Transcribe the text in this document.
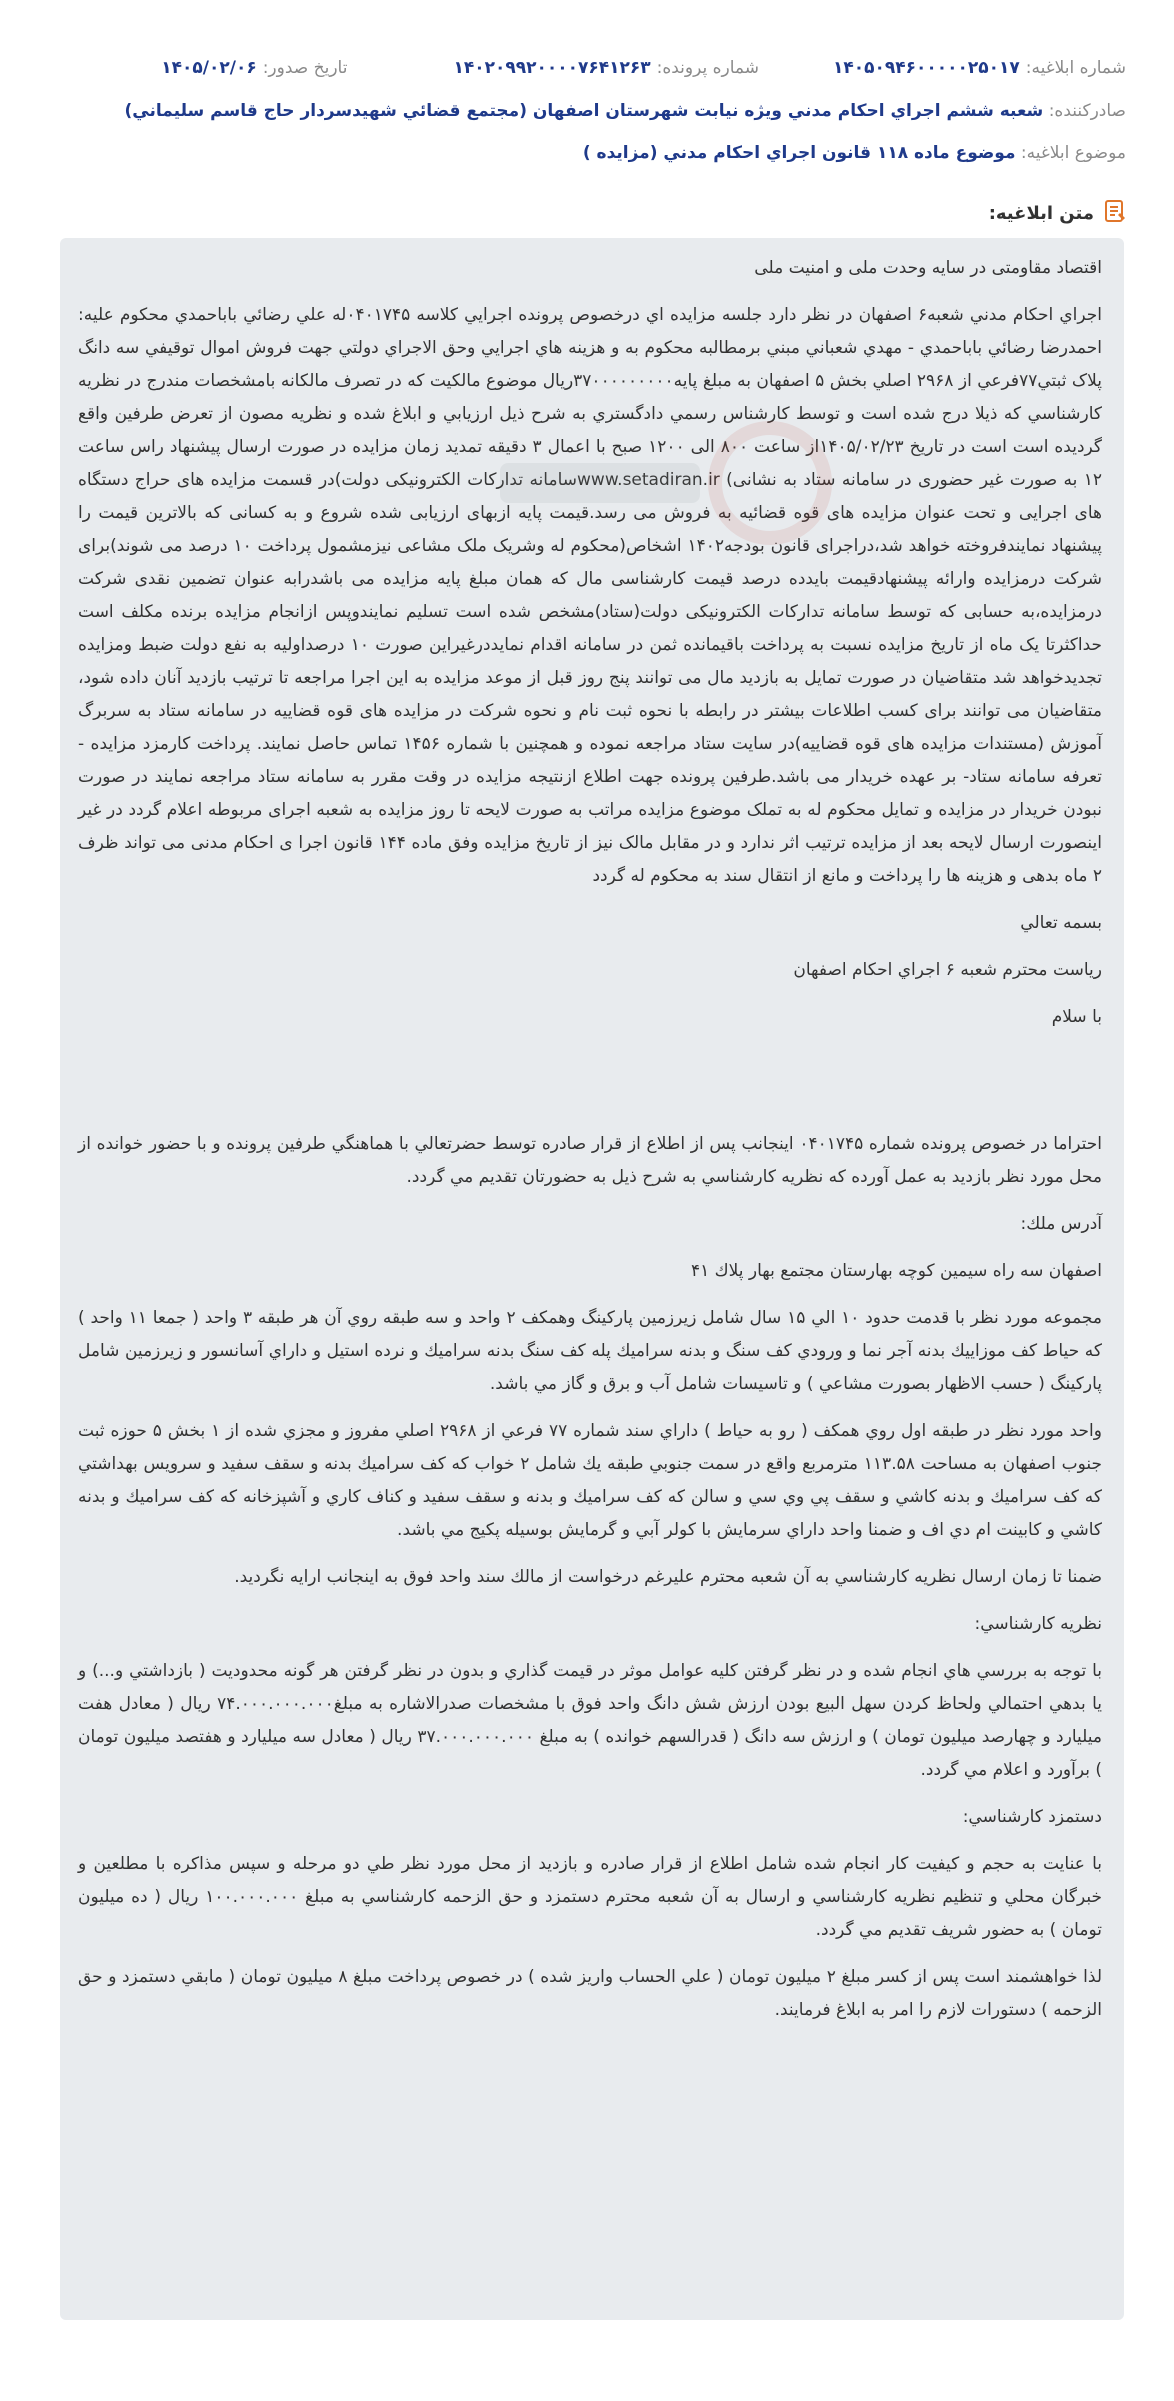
شماره ابلاغیه:
۱۴۰۵۰۹۴۶۰۰۰۰۰۲۵۰۱۷
شماره پرونده:
۱۴۰۲۰۹۹۲۰۰۰۰۷۶۴۱۲۶۳
تاریخ صدور:
۱۴۰۵/۰۲/۰۶
صادرکننده: شعبه ششم اجراي احكام مدني ويژه نيابت شهرستان اصفهان (مجتمع قضائي شهيدسردار حاج قاسم سليماني)
موضوع ابلاغیه: موضوع ماده ۱۱۸ قانون اجراي احكام مدني (مزايده )
متن ابلاغیه:

اقتصاد مقاومتی در سایه وحدت ملی و امنیت ملی

اجراي احكام مدني شعبه۶ اصفهان در نظر دارد جلسه مزايده اي درخصوص پرونده اجرايي كلاسه ۰۴۰۱۷۴۵له علي رضائي باباحمدي محكوم عليه: احمدرضا رضائي باباحمدي - مهدي شعباني مبني برمطالبه محكوم به و هزينه هاي اجرايي وحق الاجراي دولتي جهت فروش اموال توقيفي سه دانگ پلاک ثبتي۷۷فرعي از ۲۹۶۸ اصلي بخش ۵ اصفهان به مبلغ پايه۳۷۰۰۰۰۰۰۰۰۰ريال موضوع مالکيت که در تصرف مالكانه بامشخصات مندرج در نظريه كارشناسي كه ذيلا درج شده است و توسط كارشناس رسمي دادگستري به شرح ذيل ارزيابي و ابلاغ شده و نظريه مصون از تعرض طرفين واقع گرديده است است در تاريخ ۱۴۰۵/۰۲/۲۳از ساعت ۸۰۰ الی ۱۲۰۰ صبح با اعمال ۳ دقیقه تمدید زمان مزایده در صورت ارسال پیشنهاد راس ساعت ۱۲ به صورت غیر حضوری در سامانه ستاد به نشانی) www.setadiran.irسامانه تدارکات الکترونیکی دولت)در قسمت مزایده های حراج دستگاه های اجرایی و تحت عنوان مزایده های قوه قضائیه به فروش می رسد.قیمت پایه ازبهای ارزیابی شده شروع و به کسانی که بالاترین قیمت را پیشنهاد نمایندفروخته خواهد شد،دراجرای قانون بودجه۱۴۰۲ اشخاص(محکوم له وشریک ملک مشاعی نیزمشمول پرداخت ۱۰ درصد می شوند)برای شرکت درمزایده وارائه پیشنهادقیمت بایدده درصد قیمت کارشناسی مال که همان مبلغ پایه مزایده می باشدرابه عنوان تضمین نقدی شرکت درمزایده،به حسابی که توسط سامانه تدارکات الکترونیکی دولت(ستاد)مشخص شده است تسلیم نمایندوپس ازانجام مزایده برنده مکلف است حداکثرتا یک ماه از تاریخ مزایده نسبت به پرداخت باقیمانده ثمن در سامانه اقدام نمایددرغیراین صورت ۱۰ درصداولیه به نفع دولت ضبط ومزایده تجدیدخواهد شد متقاضیان در صورت تمایل به بازدید مال می توانند پنج روز قبل از موعد مزایده به این اجرا مراجعه تا ترتیب بازدید آنان داده شود، متقاضیان می توانند برای کسب اطلاعات بیشتر در رابطه با نحوه ثبت نام و نحوه شرکت در مزایده های قوه قضاییه در سامانه ستاد به سربرگ آموزش (مستندات مزایده های قوه قضاییه)در سایت ستاد مراجعه نموده و همچنین با شماره ۱۴۵۶ تماس حاصل نمایند. پرداخت کارمزد مزایده - تعرفه سامانه ستاد- بر عهده خریدار می باشد.طرفین پرونده جهت اطلاع ازنتیجه مزایده در وقت مقرر به سامانه ستاد مراجعه نمایند در صورت نبودن خریدار در مزایده و تمایل محکوم له به تملک موضوع مزایده مراتب به صورت لایحه تا روز مزایده به شعبه اجرای مربوطه اعلام گردد در غیر اینصورت ارسال لایحه بعد از مزایده ترتیب اثر ندارد و در مقابل مالک نیز از تاریخ مزایده وفق ماده ۱۴۴ قانون اجرا ی احکام مدنی می تواند ظرف ۲ ماه بدهی و هزینه ها را پرداخت و مانع از انتقال سند به محکوم له گردد

بسمه تعالي

رياست محترم شعبه ۶ اجراي احكام اصفهان

با سلام

احتراما در خصوص پرونده شماره ۰۴۰۱۷۴۵ اينجانب پس از اطلاع از قرار صادره توسط حضرتعالي با هماهنگي طرفين پرونده و با حضور خوانده از محل مورد نظر بازديد به عمل آورده كه نظريه كارشناسي به شرح ذيل به حضورتان تقديم مي گردد.

آدرس ملك:

اصفهان سه راه سيمين كوچه بهارستان مجتمع بهار پلاك ۴۱

مجموعه مورد نظر با قدمت حدود ۱۰ الي ۱۵ سال شامل زيرزمين پاركينگ وهمكف ۲ واحد و سه طبقه روي آن هر طبقه ۳ واحد ( جمعا ۱۱ واحد ) كه حياط كف موزاييك بدنه آجر نما و ورودي كف سنگ و بدنه سراميك پله كف سنگ بدنه سراميك و نرده استيل و داراي آسانسور و زيرزمين شامل پاركينگ ( حسب الاظهار بصورت مشاعي ) و تاسيسات شامل آب و برق و گاز مي باشد.

واحد مورد نظر در طبقه اول روي همكف ( رو به حياط ) داراي سند شماره ۷۷ فرعي از ۲۹۶۸ اصلي مفروز و مجزي شده از ۱ بخش ۵ حوزه ثبت جنوب اصفهان به مساحت ۱۱۳.۵۸ مترمربع واقع در سمت جنوبي طبقه يك شامل ۲ خواب كه كف سراميك بدنه و سقف سفيد و سرويس بهداشتي كه كف سراميك و بدنه كاشي و سقف پي وي سي و سالن كه كف سراميك و بدنه و سقف سفيد و كناف كاري و آشپزخانه كه كف سراميك و بدنه كاشي و كابينت ام دي اف و ضمنا واحد داراي سرمايش با كولر آبي و گرمايش بوسيله پكيج مي باشد.

ضمنا تا زمان ارسال نظريه كارشناسي به آن شعبه محترم عليرغم درخواست از مالك سند واحد فوق به اينجانب ارايه نگرديد.

نظريه كارشناسي:

با توجه به بررسي هاي انجام شده و در نظر گرفتن كليه عوامل موثر در قيمت گذاري و بدون در نظر گرفتن هر گونه محدوديت ( بازداشتي و...) و يا بدهي احتمالي ولحاظ كردن سهل البيع بودن ارزش شش دانگ واحد فوق با مشخصات صدرالاشاره به مبلغ۷۴.۰۰۰.۰۰۰.۰۰۰ ريال ( معادل هفت ميليارد و چهارصد ميليون تومان ) و ارزش سه دانگ ( قدرالسهم خوانده ) به مبلغ ۳۷.۰۰۰.۰۰۰.۰۰۰ ريال ( معادل سه ميليارد و هفتصد ميليون تومان ) برآورد و اعلام مي گردد.

دستمزد كارشناسي:

با عنايت به حجم و كيفيت كار انجام شده شامل اطلاع از قرار صادره و بازديد از محل مورد نظر طي دو مرحله و سپس مذاكره با مطلعين و خبرگان محلي و تنظيم نظريه كارشناسي و ارسال به آن شعبه محترم دستمزد و حق الزحمه كارشناسي به مبلغ ۱۰۰.۰۰۰.۰۰۰ ريال ( ده ميليون تومان ) به حضور شريف تقديم مي گردد.

لذا خواهشمند است پس از كسر مبلغ ۲ ميليون تومان ( علي الحساب واريز شده ) در خصوص پرداخت مبلغ ۸ ميليون تومان ( مابقي دستمزد و حق الزحمه ) دستورات لازم را امر به ابلاغ فرمايند.
